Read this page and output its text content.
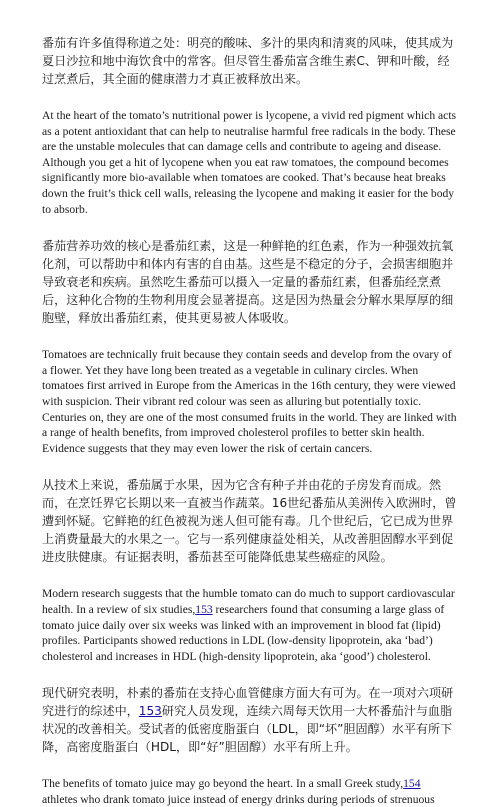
番茄有许多值得称道之处：明亮的酸味、多汁的果肉和清爽的风味，使其成为夏日沙拉和地中海饮食中的常客。但尽管生番茄富含维生素C、钾和叶酸，经过烹煮后，其全面的健康潜力才真正被释放出来。

At the heart of the tomato’s nutritional power is lycopene, a vivid red pigment which acts as a potent antioxidant that can help to neutralise harmful free radicals in the body. These are the unstable molecules that can damage cells and contribute to ageing and disease. Although you get a hit of lycopene when you eat raw tomatoes, the compound becomes significantly more bio-available when tomatoes are cooked. That’s because heat breaks down the fruit’s thick cell walls, releasing the lycopene and making it easier for the body to absorb.

番茄营养功效的核心是番茄红素，这是一种鲜艳的红色素，作为一种强效抗氧化剂，可以帮助中和体内有害的自由基。这些是不稳定的分子，会损害细胞并导致衰老和疾病。虽然吃生番茄可以摄入一定量的番茄红素，但番茄经烹煮后，这种化合物的生物利用度会显著提高。这是因为热量会分解水果厚厚的细胞壁，释放出番茄红素，使其更易被人体吸收。

Tomatoes are technically fruit because they contain seeds and develop from the ovary of a flower. Yet they have long been treated as a vegetable in culinary circles. When tomatoes first arrived in Europe from the Americas in the 16th century, they were viewed with suspicion. Their vibrant red colour was seen as alluring but potentially toxic. Centuries on, they are one of the most consumed fruits in the world. They are linked with a range of health benefits, from improved cholesterol profiles to better skin health. Evidence suggests that they may even lower the risk of certain cancers.

从技术上来说，番茄属于水果，因为它含有种子并由花的子房发育而成。然而，在烹饪界它长期以来一直被当作蔬菜。16世纪番茄从美洲传入欧洲时，曾遭到怀疑。它鲜艳的红色被视为迷人但可能有毒。几个世纪后，它已成为世界上消费量最大的水果之一。它与一系列健康益处相关，从改善胆固醇水平到促进皮肤健康。有证据表明，番茄甚至可能降低患某些癌症的风险。

Modern research suggests that the humble tomato can do much to support cardiovascular health. In a review of six studies,153 researchers found that consuming a large glass of tomato juice daily over six weeks was linked with an improvement in blood fat (lipid) profiles. Participants showed reductions in LDL (low-density lipoprotein, aka ‘bad’) cholesterol and increases in HDL (high-density lipoprotein, aka ‘good’) cholesterol.

现代研究表明，朴素的番茄在支持心血管健康方面大有可为。在一项对六项研究进行的综述中，153研究人员发现，连续六周每天饮用一大杯番茄汁与血脂状况的改善相关。受试者的低密度脂蛋白（LDL，即“坏”胆固醇）水平有所下降，高密度脂蛋白（HDL，即“好”胆固醇）水平有所上升。

The benefits of tomato juice may go beyond the heart. In a small Greek study,154 athletes who drank tomato juice instead of energy drinks during periods of strenuous
